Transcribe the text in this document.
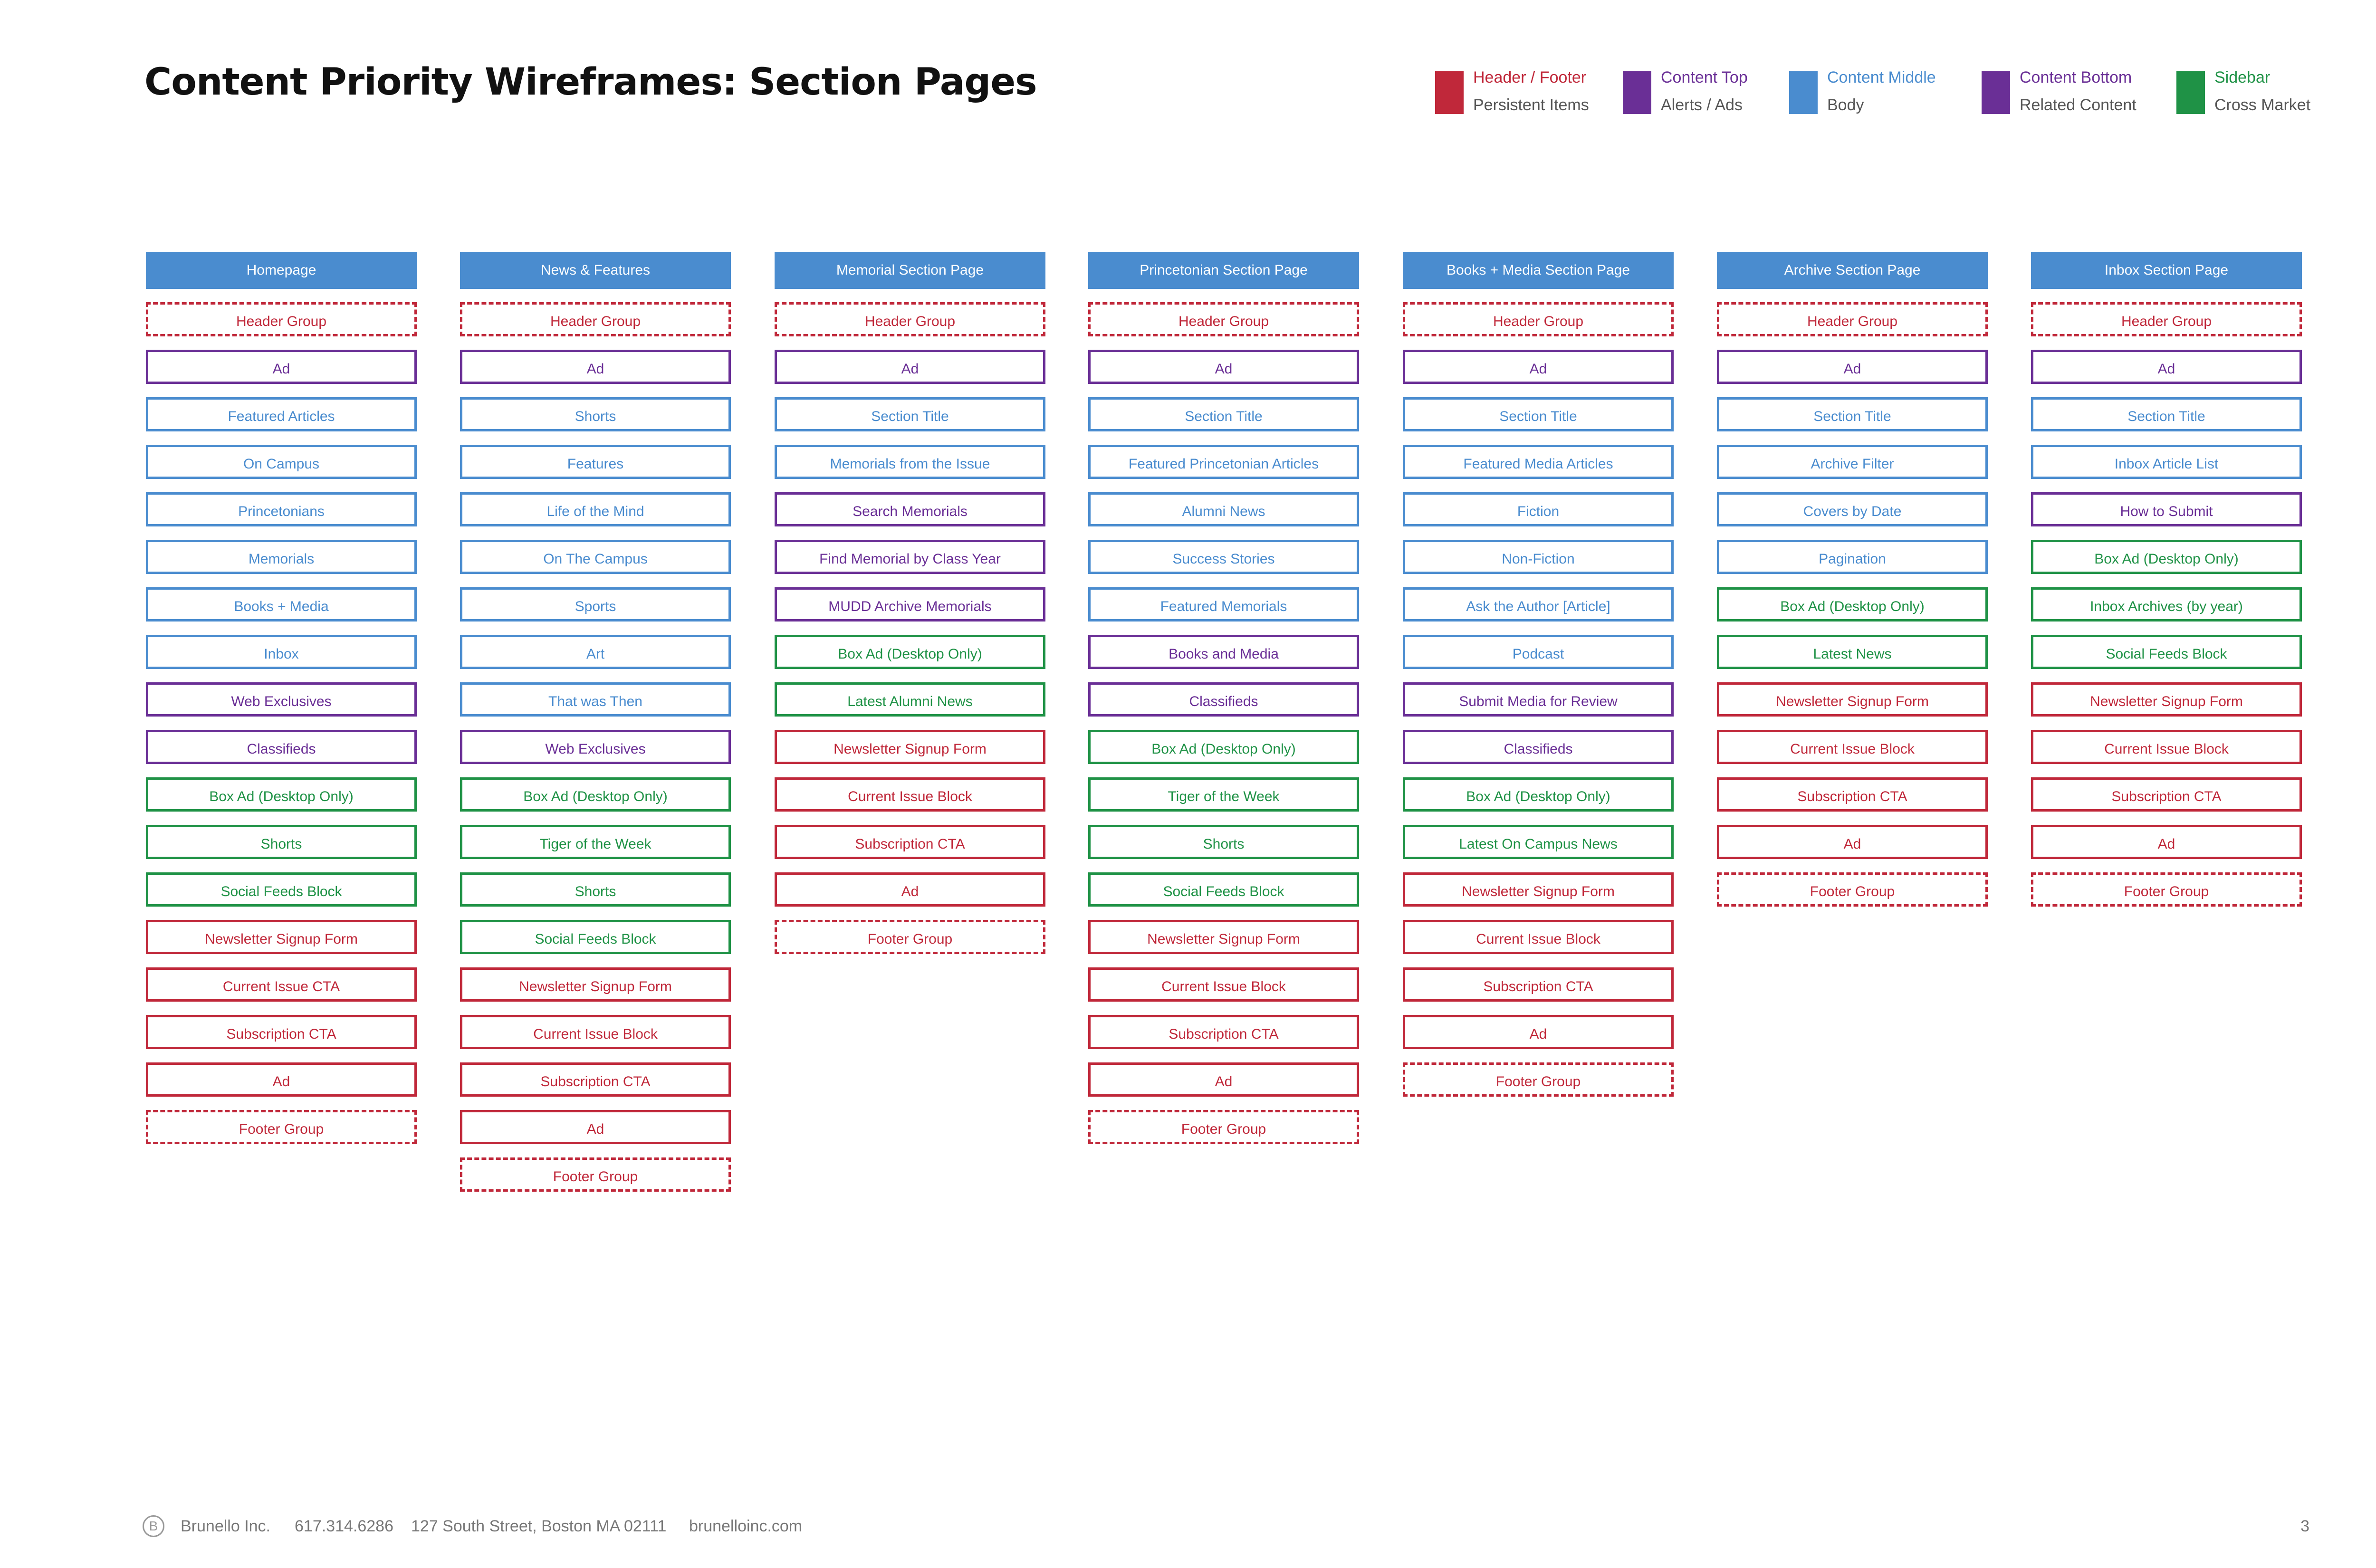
Content Priority Wireframes: Section Pages	Header / Footer
Persistent Items
Content Top
Alerts / Ads
Content Middle
Body
Content Bottom
Related Content
Sidebar
Cross Market
Homepage
Header Group
Ad
Featured Articles
On Campus
Princetonians
Memorials
Books + Media
Inbox
Web Exclusives
Classifieds
Box Ad (Desktop Only)
Shorts
Social Feeds Block
Newsletter Signup Form
Current Issue CTA
Subscription CTA
Ad
Footer Group
News & Features
Header Group
Ad
Shorts
Features
Life of the Mind
On The Campus
Sports
Art
That was Then
Web Exclusives
Box Ad (Desktop Only)
Tiger of the Week
Shorts
Social Feeds Block
Newsletter Signup Form
Current Issue Block
Subscription CTA
Ad
Footer Group
Memorial Section Page
Header Group
Ad
Section Title
Memorials from the Issue
Search Memorials
Find Memorial by Class Year
MUDD Archive Memorials
Box Ad (Desktop Only)
Latest Alumni News
Newsletter Signup Form
Current Issue Block
Subscription CTA
Ad
Footer Group
Princetonian Section Page
Header Group
Ad
Section Title
Featured Princetonian Articles
Alumni News
Success Stories
Featured Memorials
Books and Media
Classifieds
Box Ad (Desktop Only)
Tiger of the Week
Shorts
Social Feeds Block
Newsletter Signup Form
Current Issue Block
Subscription CTA
Ad
Footer Group
Books + Media Section Page
Header Group
Ad
Section Title
Featured Media Articles
Fiction
Non-Fiction
Ask the Author [Article]
Podcast
Submit Media for Review
Classifieds
Box Ad (Desktop Only)
Latest On Campus News
Newsletter Signup Form
Current Issue Block
Subscription CTA
Ad
Footer Group
Archive Section Page
Header Group
Ad
Section Title
Archive Filter
Covers by Date
Pagination
Box Ad (Desktop Only)
Latest News
Newsletter Signup Form
Current Issue Block
Subscription CTA
Ad
Footer Group
Inbox Section Page
Header Group
Ad
Section Title
Inbox Article List
How to Submit
Box Ad (Desktop Only)
Inbox Archives (by year)
Social Feeds Block
Newsletter Signup Form
Current Issue Block
Subscription CTA
Ad
Footer Group
B	Brunello Inc. 617.314.6286 127 South Street, Boston MA 02111 brunelloinc.com	3
